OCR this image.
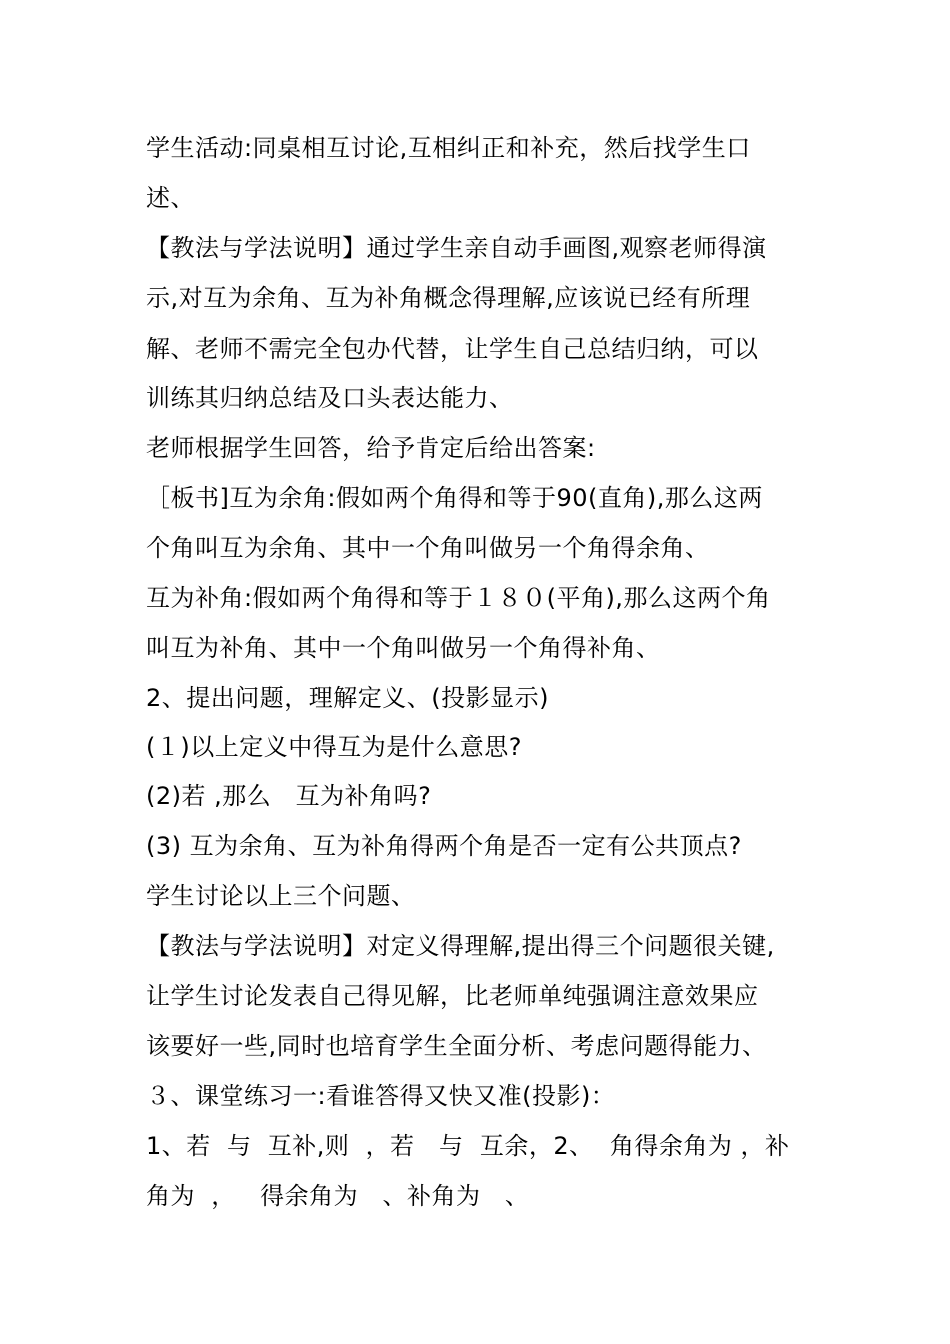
学生活动:同桌相互讨论,互相纠正和补充，然后找学生口
述、
【教法与学法说明】通过学生亲自动手画图,观察老师得演
示,对互为余角、互为补角概念得理解,应该说已经有所理
解、老师不需完全包办代替，让学生自己总结归纳，可以
训练其归纳总结及口头表达能力、
老师根据学生回答，给予肯定后给出答案:
［板书]互为余角:假如两个角得和等于90(直角),那么这两
个角叫互为余角、其中一个角叫做另一个角得余角、
互为补角:假如两个角得和等于１８０(平角),那么这两个角
叫互为补角、其中一个角叫做另一个角得补角、
2、提出问题，理解定义、(投影显示)
(１)以上定义中得互为是什么意思?
(2)若 ,那么   互为补角吗?
(3) 互为余角、互为补角得两个角是否一定有公共顶点?
学生讨论以上三个问题、
【教法与学法说明】对定义得理解,提出得三个问题很关键,
让学生讨论发表自己得见解，比老师单纯强调注意效果应
该要好一些,同时也培育学生全面分析、考虑问题得能力、
３、课堂练习一:看谁答得又快又准(投影)：
1、若  与  互补,则  ，若   与  互余，2、  角得余角为 ，补
角为  ，   得余角为   、补角为   、
